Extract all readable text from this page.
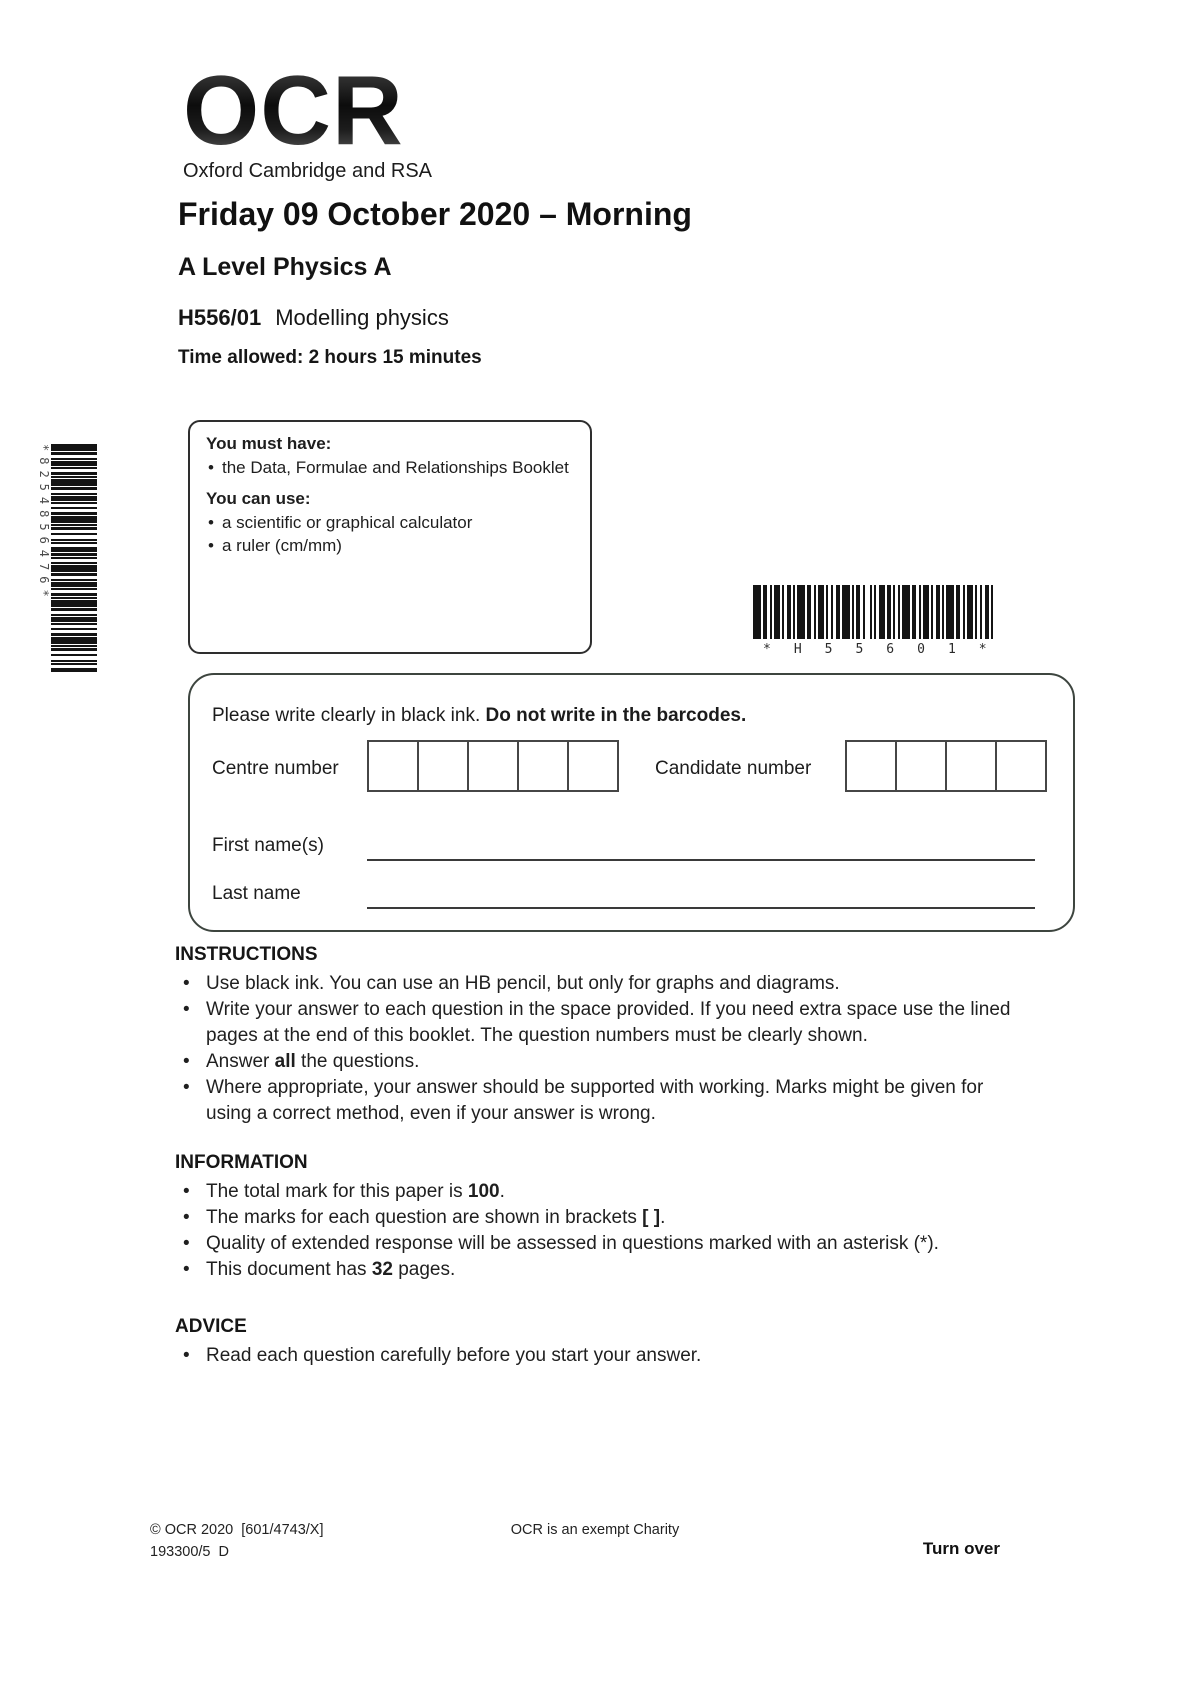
OCR
Oxford Cambridge and RSA
Friday 09 October 2020 – Morning
A Level Physics A
H556/01 Modelling physics
Time allowed: 2 hours 15 minutes
You must have:
• the Data, Formulae and Relationships Booklet
You can use:
• a scientific or graphical calculator
• a ruler (cm/mm)
*8254856476*
*H55601*
Please write clearly in black ink. Do not write in the barcodes.
Centre number	Candidate number
First name(s)
Last name
INSTRUCTIONS
• Use black ink. You can use an HB pencil, but only for graphs and diagrams.
• Write your answer to each question in the space provided. If you need extra space use the lined pages at the end of this booklet. The question numbers must be clearly shown.
• Answer all the questions.
• Where appropriate, your answer should be supported with working. Marks might be given for using a correct method, even if your answer is wrong.
INFORMATION
• The total mark for this paper is 100.
• The marks for each question are shown in brackets [ ].
• Quality of extended response will be assessed in questions marked with an asterisk (*).
• This document has 32 pages.
ADVICE
• Read each question carefully before you start your answer.
© OCR 2020  [601/4743/X]
193300/5  D
OCR is an exempt Charity
Turn over
